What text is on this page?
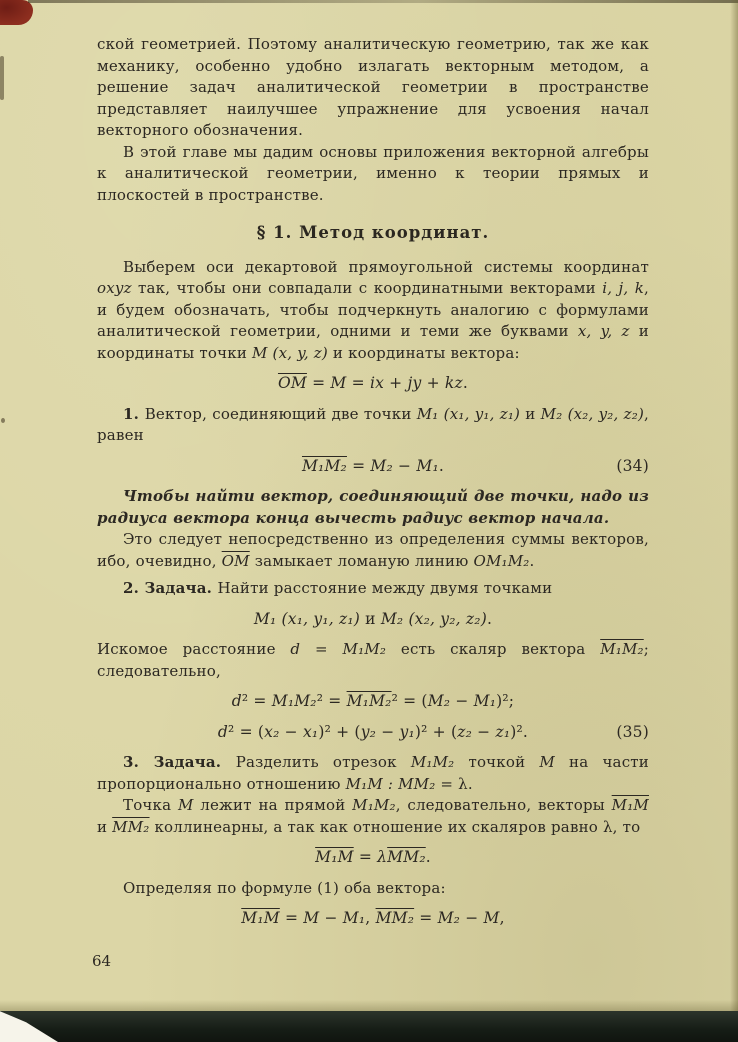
ской геометрией. Поэтому аналитическую геометрию, так же как механику, особенно удобно излагать векторным методом, а решение задач аналитической геометрии в пространстве представляет наилучшее упражнение для усвоения начал векторного обозначения.

В этой главе мы дадим основы приложения векторной алгебры к аналитической геометрии, именно к теории прямых и плоскостей в пространстве.

§ 1. Метод координат.

Выберем оси декартовой прямоугольной системы координат oxyz так, чтобы они совпадали с координатными векторами i, j, k, и будем обозначать, чтобы подчеркнуть аналогию с формулами аналитической геометрии, одними и теми же буквами x, y, z и координаты точки M (x, y, z) и координаты вектора:

$\overline{OM} = M$ = ix + jy + kz.

1. Вектор, соединяющий две точки M₁ (x₁, y₁, z₁) и M₂ (x₂, y₂, z₂), равен

M₁M₂ = M₂ − M₁.	(34)

Чтобы найти вектор, соединяющий две точки, надо из радиуса вектора конца вычесть радиус вектор начала.

Это следует непосредственно из определения суммы векторов, ибо, очевидно, $\overline{OM}$ замыкает ломаную линию OM₁M₂.

2. Задача. Найти расстояние между двумя точками

M₁ (x₁, y₁, z₁) и M₂ (x₂, y₂, z₂).

Искомое расстояние d = M₁M₂ есть скаляр вектора M₁M₂; следовательно,

d² = M₁M₂² = M₁M₂² = (M₂ − M₁)²;
d² = (x₂ − x₁)² + (y₂ − y₁)² + (z₂ − z₁)².	(35)

3. Задача. Разделить отрезок M₁M₂ точкой M на части пропорционально отношению M₁M : MM₂ = λ.

Точка M лежит на прямой M₁M₂, следовательно, векторы M₁M и MM₂ коллинеарны, а так как отношение их скаляров равно λ, то

M₁M = λMM₂.

Определяя по формуле (1) оба вектора:

M₁M = M − M₁, MM₂ = M₂ − M,
64
